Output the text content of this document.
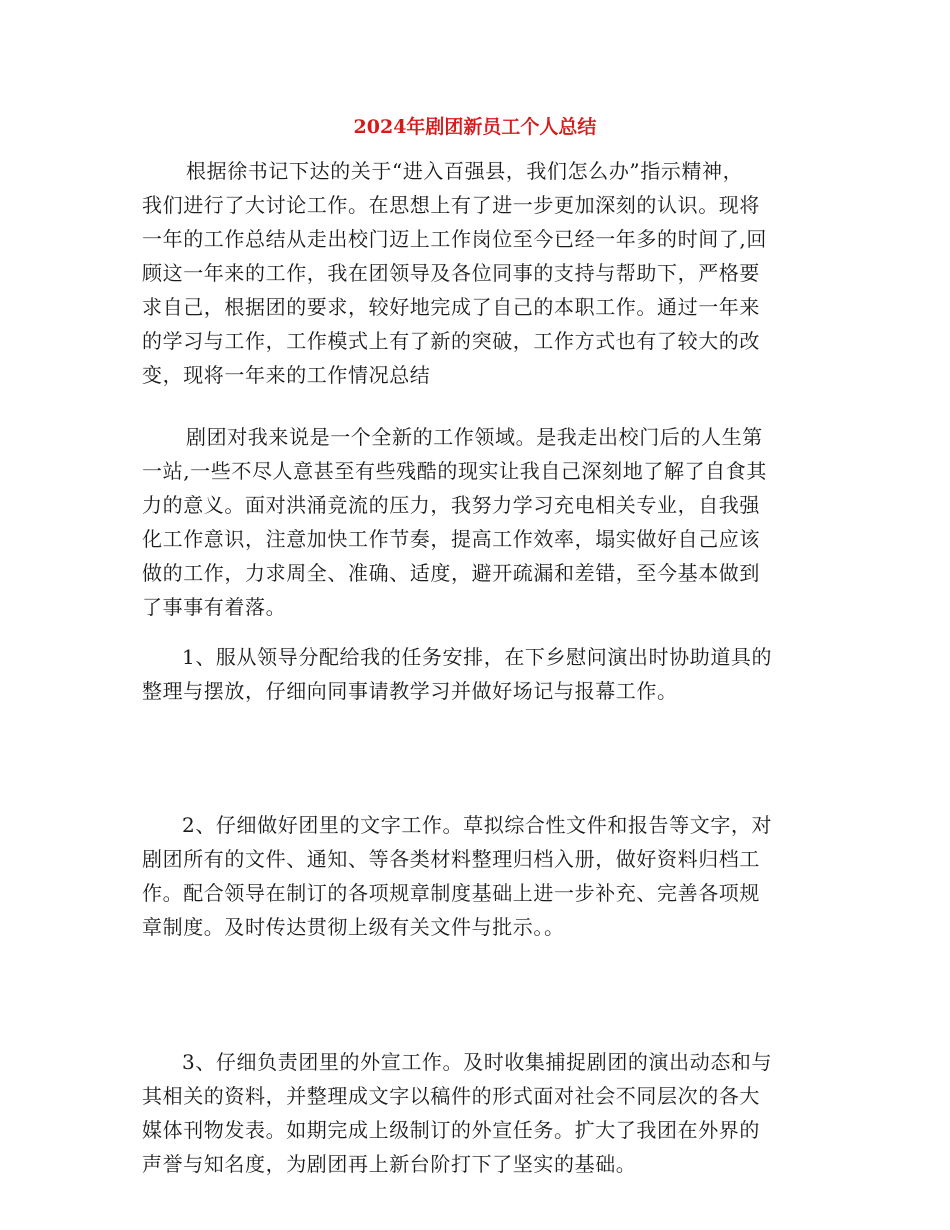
2024年剧团新员工个人总结
根据徐书记下达的关于“进入百强县，我们怎么办”指示精神，
我们进行了大讨论工作。在思想上有了进一步更加深刻的认识。现将
一年的工作总结从走出校门迈上工作岗位至今已经一年多的时间了,回
顾这一年来的工作，我在团领导及各位同事的支持与帮助下，严格要
求自己，根据团的要求，较好地完成了自己的本职工作。通过一年来
的学习与工作，工作模式上有了新的突破，工作方式也有了较大的改
变，现将一年来的工作情况总结
剧团对我来说是一个全新的工作领域。是我走出校门后的人生第
一站,一些不尽人意甚至有些残酷的现实让我自己深刻地了解了自食其
力的意义。面对洪涌竞流的压力，我努力学习充电相关专业，自我强
化工作意识，注意加快工作节奏，提高工作效率，塌实做好自己应该
做的工作，力求周全、准确、适度，避开疏漏和差错，至今基本做到
了事事有着落。
1、服从领导分配给我的任务安排，在下乡慰问演出时协助道具的
整理与摆放，仔细向同事请教学习并做好场记与报幕工作。
2、仔细做好团里的文字工作。草拟综合性文件和报告等文字，对
剧团所有的文件、通知、等各类材料整理归档入册，做好资料归档工
作。配合领导在制订的各项规章制度基础上进一步补充、完善各项规
章制度。及时传达贯彻上级有关文件与批示。。
3、仔细负责团里的外宣工作。及时收集捕捉剧团的演出动态和与
其相关的资料，并整理成文字以稿件的形式面对社会不同层次的各大
媒体刊物发表。如期完成上级制订的外宣任务。扩大了我团在外界的
声誉与知名度，为剧团再上新台阶打下了坚实的基础。
